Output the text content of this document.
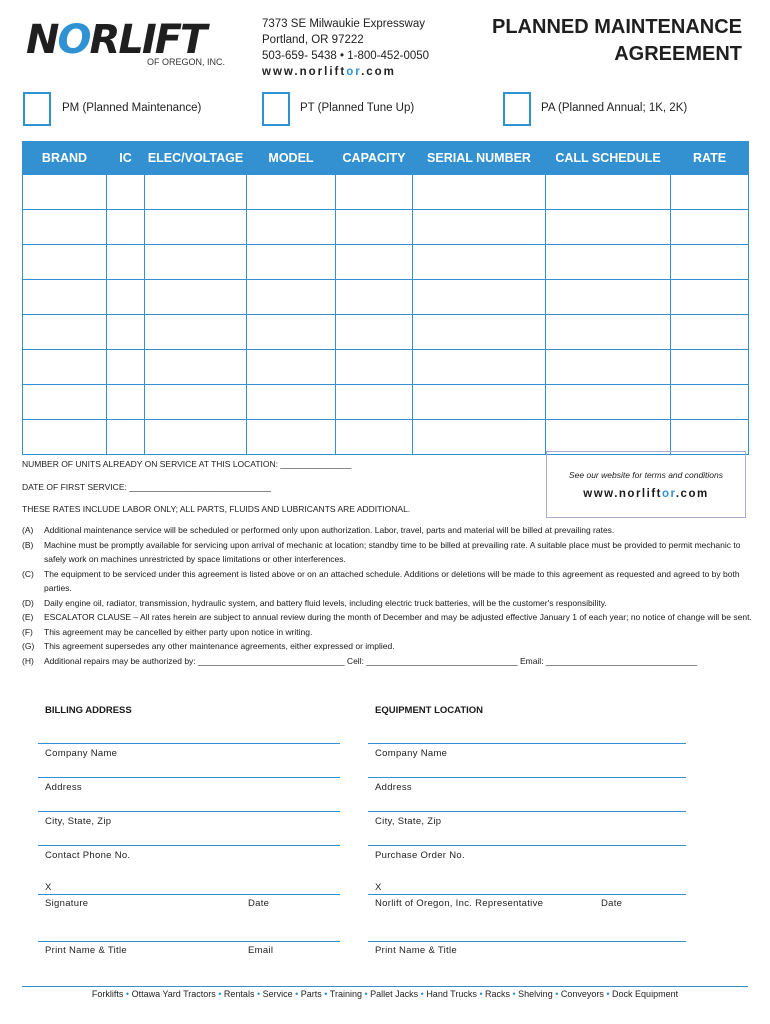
NORLIFT
OF OREGON, INC.
7373 SE Milwaukie Expressway
Portland, OR 97222
503-659- 5438 • 1-800-452-0050
www.norliftor.com
PLANNED MAINTENANCE
AGREEMENT
PM (Planned Maintenance)	PT (Planned Tune Up)	PA (Planned Annual; 1K, 2K)
BRAND	IC	ELEC/VOLTAGE	MODEL	CAPACITY	SERIAL NUMBER	CALL SCHEDULE	RATE

NUMBER OF UNITS ALREADY ON SERVICE AT THIS LOCATION: _______________
DATE OF FIRST SERVICE: ______________________________
THESE RATES INCLUDE LABOR ONLY; ALL PARTS, FLUIDS AND LUBRICANTS ARE ADDITIONAL.
See our website for terms and conditions
www.norliftor.com
(A)	Additional maintenance service will be scheduled or performed only upon authorization. Labor, travel, parts and material will be billed at prevailing rates.
(B)	Machine must be promptly available for servicing upon arrival of mechanic at location; standby time to be billed at prevailing rate. A suitable place must be provided to permit mechanic to safely work on machines unrestricted by space limitations or other interferences.
(C)	The equipment to be serviced under this agreement is listed above or on an attached schedule. Additions or deletions will be made to this agreement as requested and agreed to by both parties.
(D)	Daily engine oil, radiator, transmission, hydraulic system, and battery fluid levels, including electric truck batteries, will be the customer's responsibility.
(E)	ESCALATOR CLAUSE – All rates herein are subject to annual review during the month of December and may be adjusted effective January 1 of each year; no notice of change will be sent.
(F)	This agreement may be cancelled by either party upon notice in writing.
(G)	This agreement supersedes any other maintenance agreements, either expressed or implied.
(H)	Additional repairs may be authorized by: _______________________________ Cell: ________________________________ Email: ________________________________
BILLING ADDRESS
Company Name
Address
City, State, Zip
Contact Phone No.
X
Signature	Date
Print Name & Title	Email
EQUIPMENT LOCATION
Company Name
Address
City, State, Zip
Purchase Order No.
X
Norlift of Oregon, Inc. Representative	Date
Print Name & Title
Forklifts • Ottawa Yard Tractors • Rentals • Service • Parts • Training • Pallet Jacks • Hand Trucks • Racks • Shelving • Conveyors • Dock Equipment
